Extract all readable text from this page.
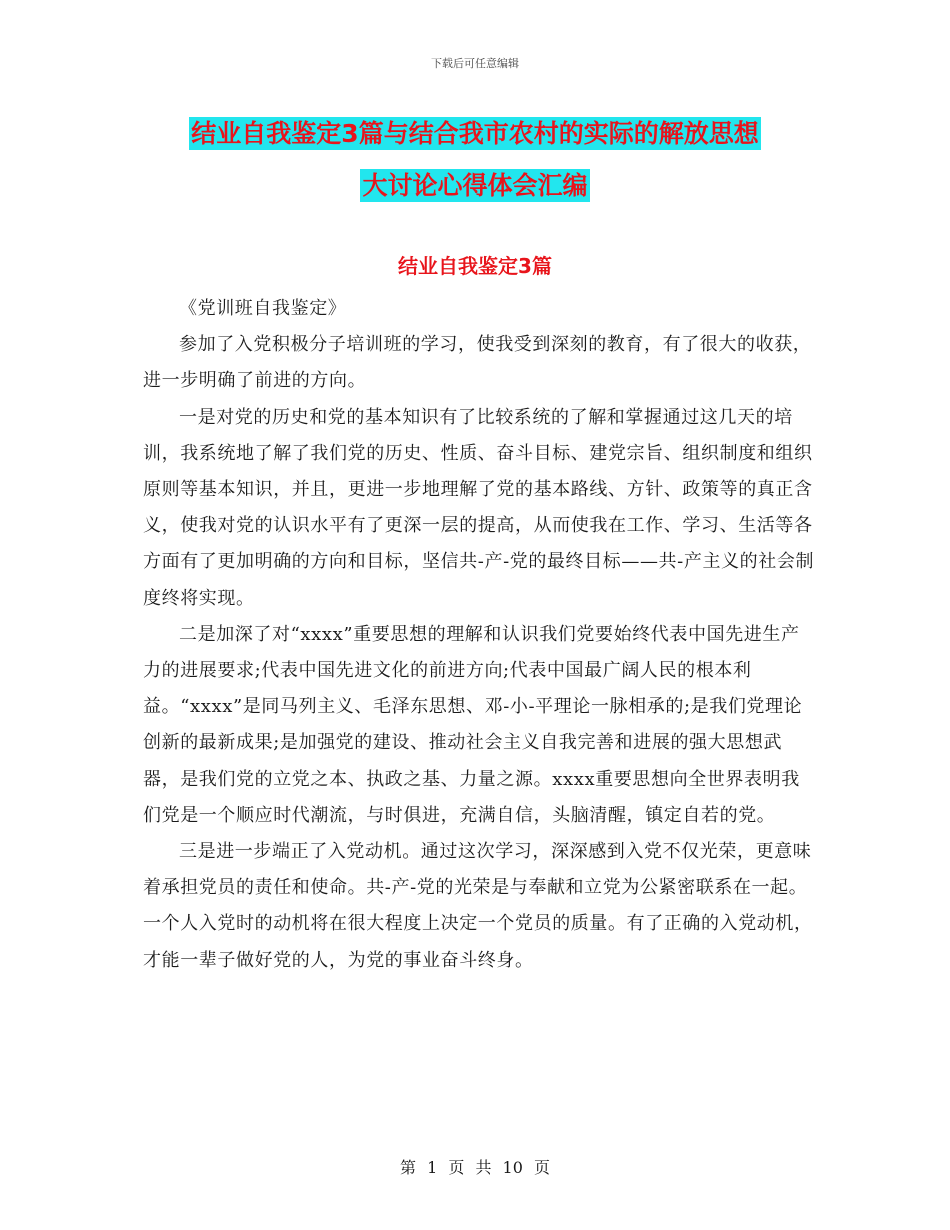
下载后可任意编辑
结业自我鉴定3篇与结合我市农村的实际的解放思想
大讨论心得体会汇编
结业自我鉴定3篇

《党训班自我鉴定》

参加了入党积极分子培训班的学习，使我受到深刻的教育，有了很大的收获，进一步明确了前进的方向。

一是对党的历史和党的基本知识有了比较系统的了解和掌握通过这几天的培训，我系统地了解了我们党的历史、性质、奋斗目标、建党宗旨、组织制度和组织原则等基本知识，并且，更进一步地理解了党的基本路线、方针、政策等的真正含义，使我对党的认识水平有了更深一层的提高，从而使我在工作、学习、生活等各方面有了更加明确的方向和目标，坚信共-产-党的最终目标——共-产主义的社会制度终将实现。

二是加深了对“xxxx”重要思想的理解和认识我们党要始终代表中国先进生产力的进展要求;代表中国先进文化的前进方向;代表中国最广阔人民的根本利益。“xxxx”是同马列主义、毛泽东思想、邓-小-平理论一脉相承的;是我们党理论创新的最新成果;是加强党的建设、推动社会主义自我完善和进展的强大思想武器，是我们党的立党之本、执政之基、力量之源。xxxx重要思想向全世界表明我们党是一个顺应时代潮流，与时俱进，充满自信，头脑清醒，镇定自若的党。

三是进一步端正了入党动机。通过这次学习，深深感到入党不仅光荣，更意味着承担党员的责任和使命。共-产-党的光荣是与奉献和立党为公紧密联系在一起。一个人入党时的动机将在很大程度上决定一个党员的质量。有了正确的入党动机，才能一辈子做好党的人，为党的事业奋斗终身。

第 1 页 共 10 页
